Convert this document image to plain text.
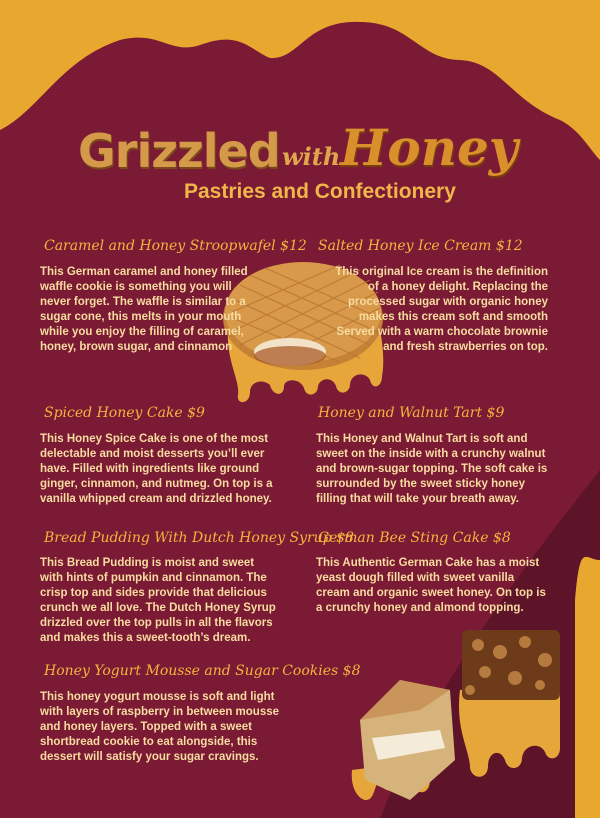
Grizzled with Honey
Pastries and Confectionery
Caramel and Honey Stroopwafel $12
This German caramel and honey filled waffle cookie is something you will never forget. The waffle is similar to a sugar cone, this melts in your mouth while you enjoy the filling of caramel, honey, brown sugar, and cinnamon
Salted Honey Ice Cream $12
This original Ice cream is the definition of a honey delight. Replacing the processed sugar with organic honey makes this cream soft and smooth Served with a warm chocolate brownie and fresh strawberries on top.
Spiced Honey Cake $9
This Honey Spice Cake is one of the most delectable and moist desserts you’ll ever have. Filled with ingredients like ground ginger, cinnamon, and nutmeg. On top is a vanilla whipped cream and drizzled honey.
Honey and Walnut Tart $9
This Honey and Walnut Tart is soft and sweet on the inside with a crunchy walnut and brown-sugar topping. The soft cake is surrounded by the sweet sticky honey filling that will take your breath away.
Bread Pudding With Dutch Honey Syrup $8
This Bread Pudding is moist and sweet with hints of pumpkin and cinnamon. The crisp top and sides provide that delicious crunch we all love. The Dutch Honey Syrup drizzled over the top pulls in all the flavors and makes this a sweet-tooth’s dream.
German Bee Sting Cake $8
This Authentic German Cake has a moist yeast dough filled with sweet vanilla cream and organic sweet honey. On top is a crunchy honey and almond topping.
Honey Yogurt Mousse and Sugar Cookies $8
This honey yogurt mousse is soft and light with layers of raspberry in between mousse and honey layers. Topped with a sweet shortbread cookie to eat alongside, this dessert will satisfy your sugar cravings.
